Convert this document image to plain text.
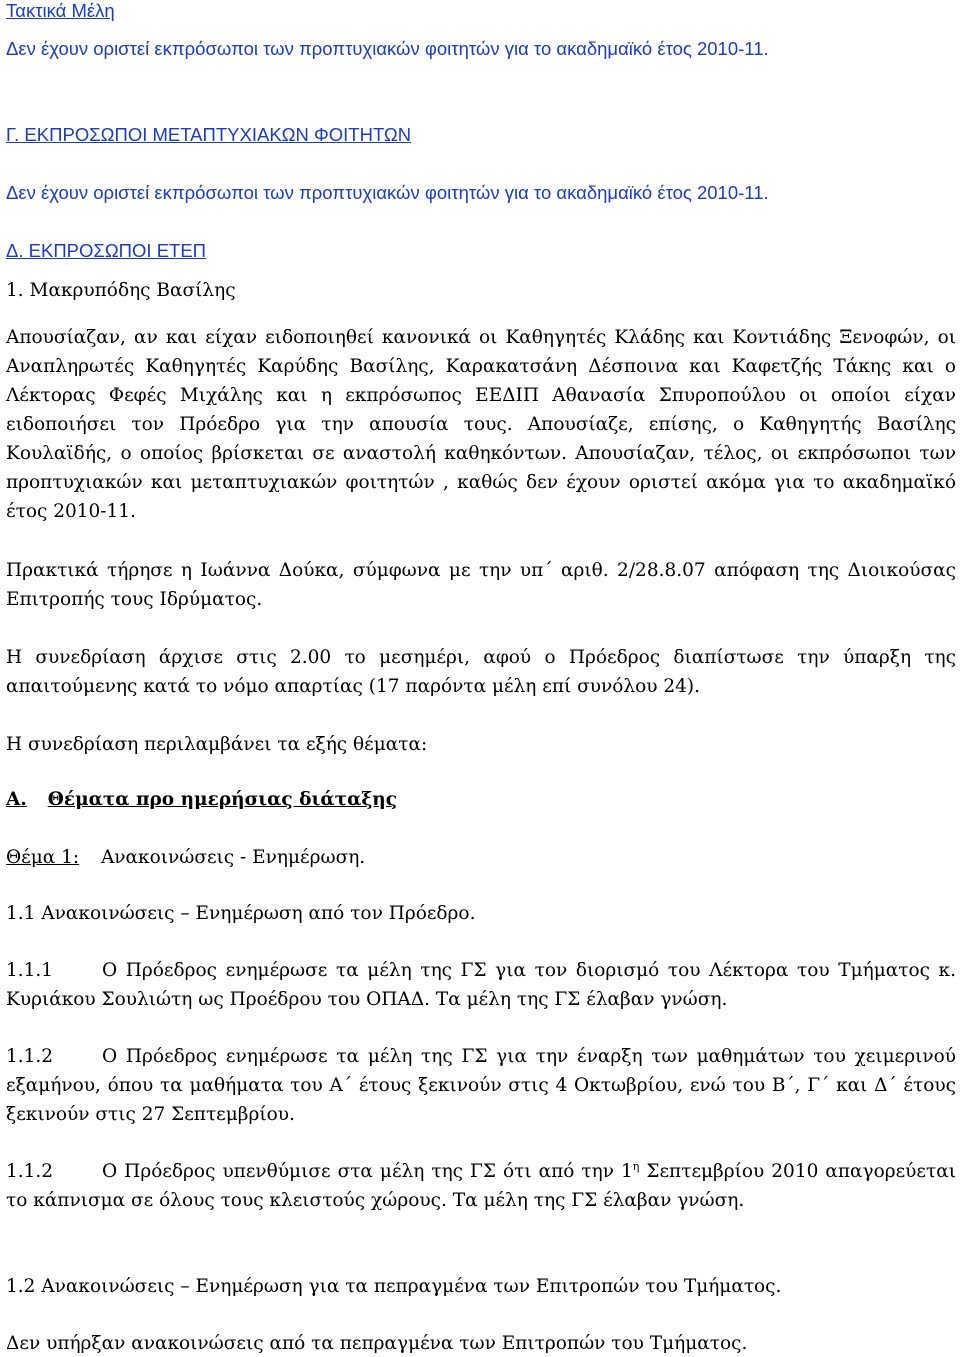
Τακτικά Μέλη
Δεν έχουν οριστεί εκπρόσωποι των προπτυχιακών φοιτητών για το ακαδημαϊκό έτος 2010-11.
Γ. ΕΚΠΡΟΣΩΠΟΙ ΜΕΤΑΠΤΥΧΙΑΚΩΝ ΦΟΙΤΗΤΩΝ
Δεν έχουν οριστεί εκπρόσωποι των προπτυχιακών φοιτητών για το ακαδημαϊκό έτος 2010-11.
Δ. ΕΚΠΡΟΣΩΠΟΙ ΕΤΕΠ
1. Μακρυπόδης Βασίλης
Απουσίαζαν, αν και είχαν ειδοποιηθεί κανονικά οι Καθηγητές Κλάδης και Κοντιάδης Ξενοφών, οι Αναπληρωτές Καθηγητές Καρύδης Βασίλης, Καρακατσάνη Δέσποινα και Καφετζής Τάκης και ο Λέκτορας Φεφές Μιχάλης και η εκπρόσωπος ΕΕΔΙΠ Αθανασία Σπυροπούλου οι οποίοι είχαν ειδοποιήσει τον Πρόεδρο για την απουσία τους. Απουσίαζε, επίσης, ο Καθηγητής Βασίλης Κουλαϊδής, ο οποίος βρίσκεται σε αναστολή καθηκόντων. Απουσίαζαν, τέλος, οι εκπρόσωποι των προπτυχιακών και μεταπτυχιακών φοιτητών , καθώς δεν έχουν οριστεί ακόμα για το ακαδημαϊκό έτος 2010-11.
Πρακτικά τήρησε η Ιωάννα Δούκα, σύμφωνα με την υπ΄ αριθ. 2/28.8.07 απόφαση της Διοικούσας Επιτροπής τους Ιδρύματος.
Η συνεδρίαση άρχισε στις 2.00 το μεσημέρι, αφού ο Πρόεδρος διαπίστωσε την ύπαρξη της απαιτούμενης κατά το νόμο απαρτίας (17 παρόντα μέλη επί συνόλου 24).
Η συνεδρίαση περιλαμβάνει τα εξής θέματα:
Α. Θέματα προ ημερήσιας διάταξης
Θέμα 1: Ανακοινώσεις - Ενημέρωση.
1.1 Ανακοινώσεις – Ενημέρωση από τον Πρόεδρο.
1.1.1	Ο Πρόεδρος ενημέρωσε τα μέλη της ΓΣ για τον διορισμό του Λέκτορα του Τμήματος κ. Κυριάκου Σουλιώτη ως Προέδρου του ΟΠΑΔ. Τα μέλη της ΓΣ έλαβαν γνώση.
1.1.2	Ο Πρόεδρος ενημέρωσε τα μέλη της ΓΣ για την έναρξη των μαθημάτων του χειμερινού εξαμήνου, όπου τα μαθήματα του Α΄ έτους ξεκινούν στις 4 Οκτωβρίου, ενώ του Β΄, Γ΄ και Δ΄ έτους ξεκινούν στις 27 Σεπτεμβρίου.
1.1.2	Ο Πρόεδρος υπενθύμισε στα μέλη της ΓΣ ότι από την $1^\eta$ Σεπτεμβρίου 2010 απαγορεύεται το κάπνισμα σε όλους τους κλειστούς χώρους. Τα μέλη της ΓΣ έλαβαν γνώση.
1.2 Ανακοινώσεις – Ενημέρωση για τα πεπραγμένα των Επιτροπών του Τμήματος.
Δεν υπήρξαν ανακοινώσεις από τα πεπραγμένα των Επιτροπών του Τμήματος.
